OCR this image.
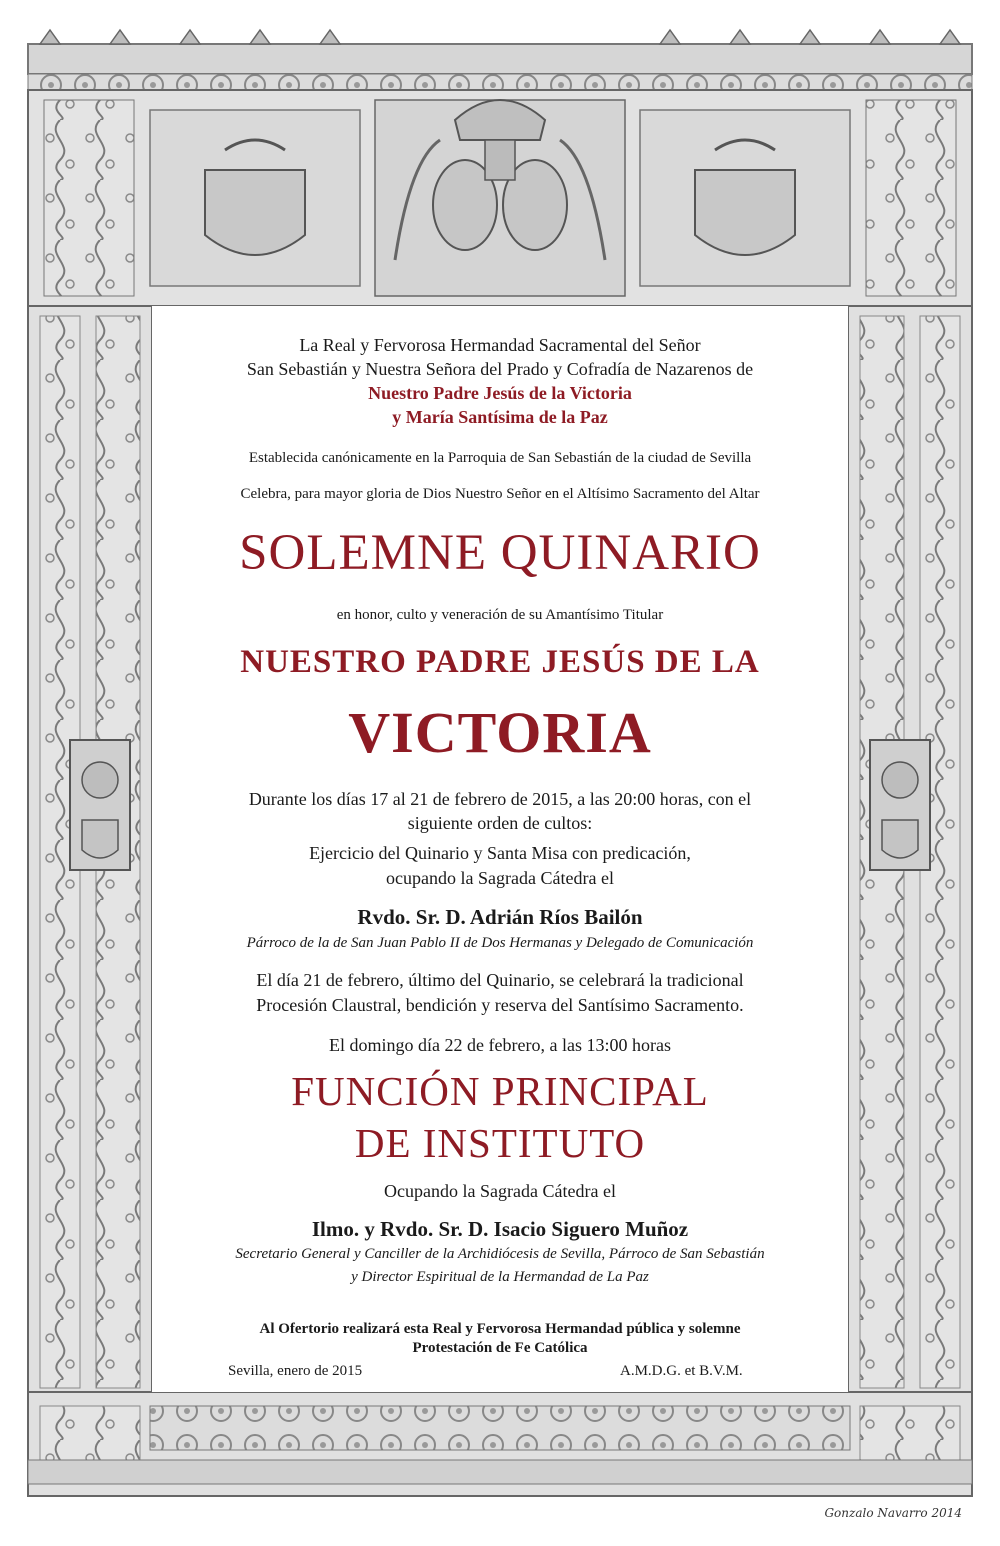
La Real y Fervorosa Hermandad Sacramental del Señor
San Sebastián y Nuestra Señora del Prado y Cofradía de Nazarenos de
Nuestro Padre Jesús de la Victoria
y María Santísima de la Paz
Establecida canónicamente en la Parroquia de San Sebastián de la ciudad de Sevilla
Celebra, para mayor gloria de Dios Nuestro Señor en el Altísimo Sacramento del Altar
SOLEMNE QUINARIO
en honor, culto y veneración de su Amantísimo Titular
NUESTRO PADRE JESÚS DE LA
VICTORIA
Durante los días 17 al 21 de febrero de 2015, a las 20:00 horas, con el
siguiente orden de cultos:
Ejercicio del Quinario y Santa Misa con predicación,
ocupando la Sagrada Cátedra el
Rvdo. Sr. D. Adrián Ríos Bailón
Párroco de la de San Juan Pablo II de Dos Hermanas y Delegado de Comunicación
El día 21 de febrero, último del Quinario, se celebrará la tradicional
Procesión Claustral, bendición y reserva del Santísimo Sacramento.
El domingo día 22 de febrero, a las 13:00 horas
FUNCIÓN PRINCIPAL
DE INSTITUTO
Ocupando la Sagrada Cátedra el
Ilmo. y Rvdo. Sr. D. Isacio Siguero Muñoz
Secretario General y Canciller de la Archidiócesis de Sevilla, Párroco de San Sebastián
y Director Espiritual de la Hermandad de La Paz
Al Ofertorio realizará esta Real y Fervorosa Hermandad pública y solemne
Protestación de Fe Católica
Sevilla, enero de 2015	A.M.D.G. et B.V.M.
Gonzalo Navarro 2014
